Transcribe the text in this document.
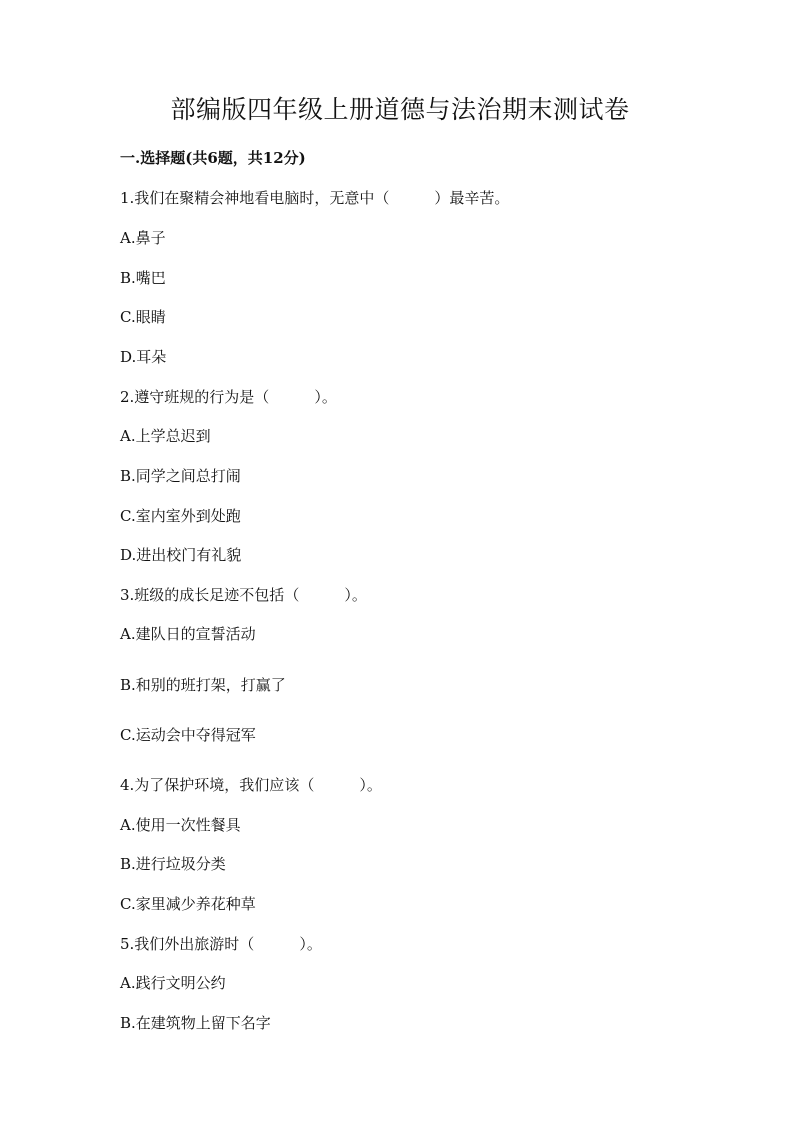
部编版四年级上册道德与法治期末测试卷
一.选择题(共6题，共12分)
1.我们在聚精会神地看电脑时，无意中（　　　）最辛苦。
A.鼻子
B.嘴巴
C.眼睛
D.耳朵
2.遵守班规的行为是（　　　）。
A.上学总迟到
B.同学之间总打闹
C.室内室外到处跑
D.进出校门有礼貌
3.班级的成长足迹不包括（　　　）。
A.建队日的宣誓活动
B.和别的班打架，打赢了
C.运动会中夺得冠军
4.为了保护环境，我们应该（　　　）。
A.使用一次性餐具
B.进行垃圾分类
C.家里减少养花种草
5.我们外出旅游时（　　　）。
A.践行文明公约
B.在建筑物上留下名字
